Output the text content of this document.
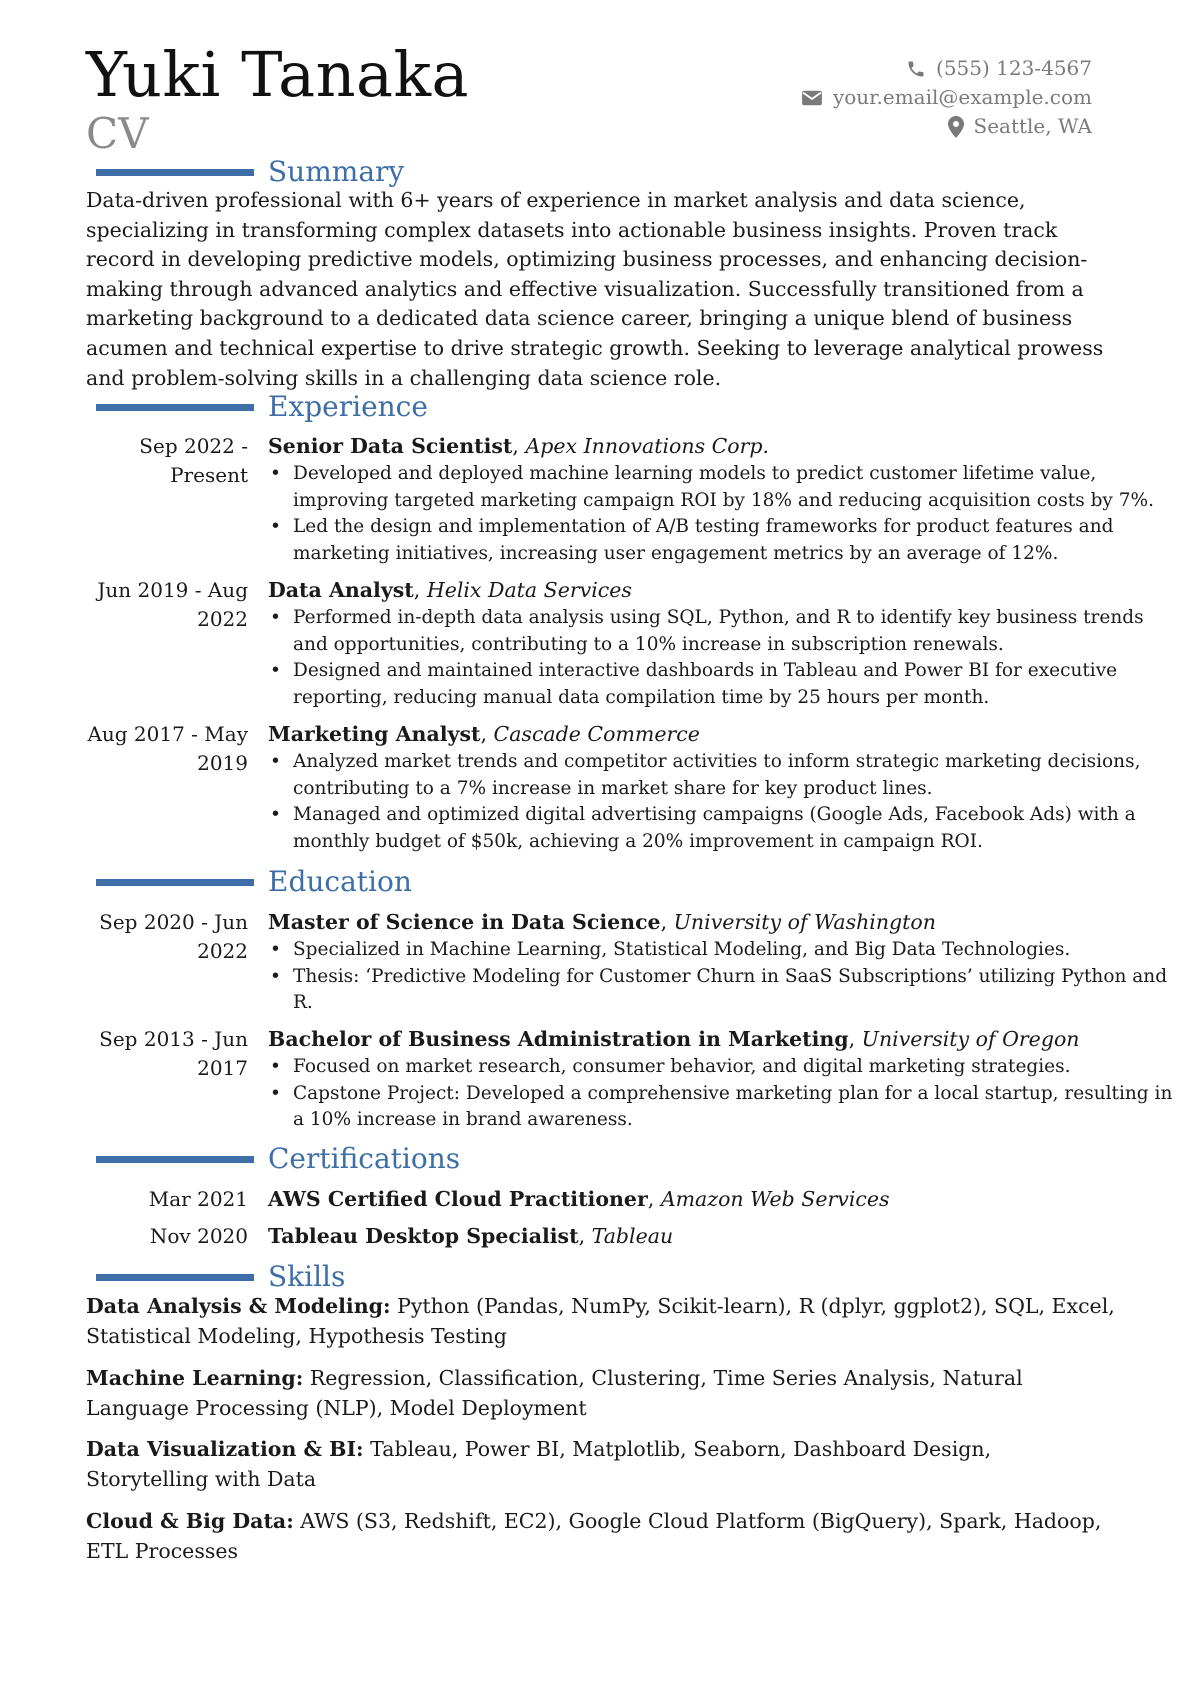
Yuki Tanaka
CV
(555) 123-4567
your.email@example.com
Seattle, WA
Summary

Data-driven professional with 6+ years of experience in market analysis and data science, specializing in transforming complex datasets into actionable business insights. Proven track record in developing predictive models, optimizing business processes, and enhancing decision-making through advanced analytics and effective visualization. Successfully transitioned from a marketing background to a dedicated data science career, bringing a unique blend of business acumen and technical expertise to drive strategic growth. Seeking to leverage analytical prowess and problem-solving skills in a challenging data science role.

Experience
Sep 2022 - Present
Senior Data Scientist, Apex Innovations Corp.
• Developed and deployed machine learning models to predict customer lifetime value, improving targeted marketing campaign ROI by 18% and reducing acquisition costs by 7%.
• Led the design and implementation of A/B testing frameworks for product features and marketing initiatives, increasing user engagement metrics by an average of 12%.
Jun 2019 - Aug 2022
Data Analyst, Helix Data Services
• Performed in-depth data analysis using SQL, Python, and R to identify key business trends and opportunities, contributing to a 10% increase in subscription renewals.
• Designed and maintained interactive dashboards in Tableau and Power BI for executive reporting, reducing manual data compilation time by 25 hours per month.
Aug 2017 - May 2019
Marketing Analyst, Cascade Commerce
• Analyzed market trends and competitor activities to inform strategic marketing decisions, contributing to a 7% increase in market share for key product lines.
• Managed and optimized digital advertising campaigns (Google Ads, Facebook Ads) with a monthly budget of $50k, achieving a 20% improvement in campaign ROI.
Education
Sep 2020 - Jun 2022
Master of Science in Data Science, University of Washington
• Specialized in Machine Learning, Statistical Modeling, and Big Data Technologies.
• Thesis: ‘Predictive Modeling for Customer Churn in SaaS Subscriptions’ utilizing Python and R.
Sep 2013 - Jun 2017
Bachelor of Business Administration in Marketing, University of Oregon
• Focused on market research, consumer behavior, and digital marketing strategies.
• Capstone Project: Developed a comprehensive marketing plan for a local startup, resulting in a 10% increase in brand awareness.
Certifications
Mar 2021 AWS Certified Cloud Practitioner, Amazon Web Services
Nov 2020 Tableau Desktop Specialist, Tableau
Skills

Data Analysis & Modeling: Python (Pandas, NumPy, Scikit-learn), R (dplyr, ggplot2), SQL, Excel, Statistical Modeling, Hypothesis Testing

Machine Learning: Regression, Classification, Clustering, Time Series Analysis, Natural Language Processing (NLP), Model Deployment

Data Visualization & BI: Tableau, Power BI, Matplotlib, Seaborn, Dashboard Design, Storytelling with Data

Cloud & Big Data: AWS (S3, Redshift, EC2), Google Cloud Platform (BigQuery), Spark, Hadoop, ETL Processes
